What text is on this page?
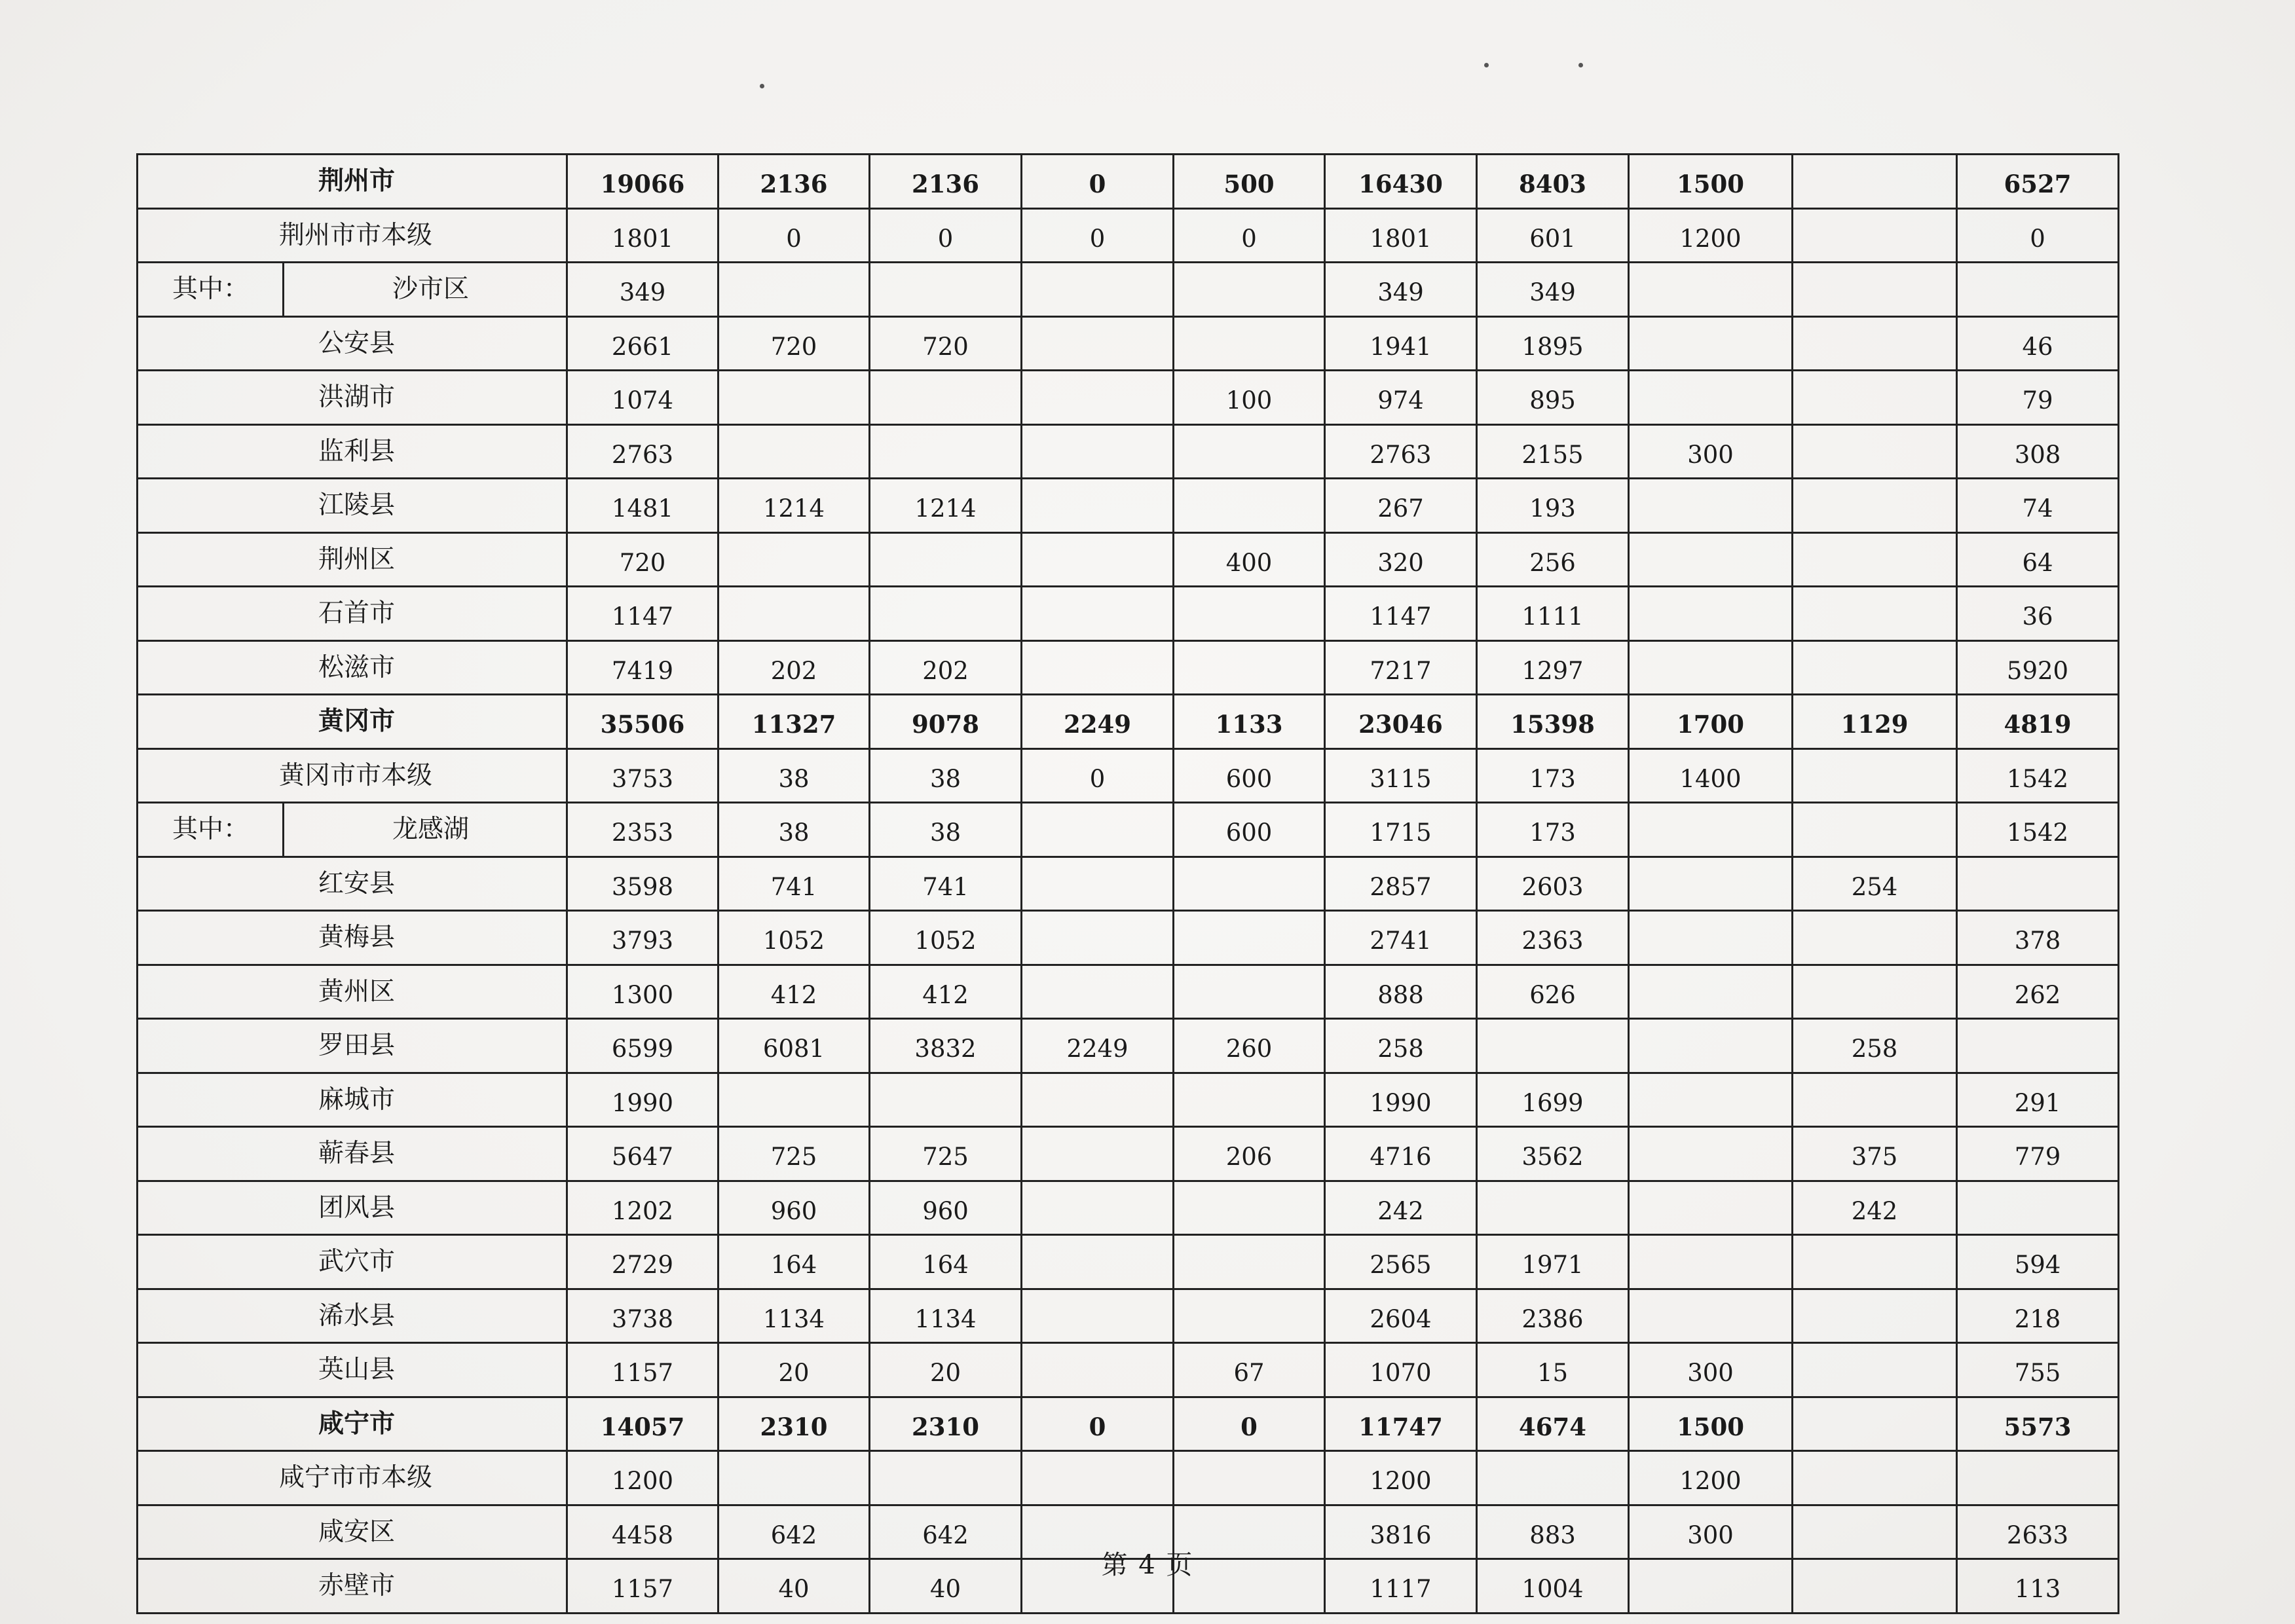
荆州市		19066	2136	2136	0	500	16430	8403	1500		6527
荆州市市本级		1801	0	0	0	0	1801	601	1200		0
其中：	沙市区	349					349	349			
公安县		2661	720	720			1941	1895			46
洪湖市		1074				100	974	895			79
监利县		2763					2763	2155	300		308
江陵县		1481	1214	1214			267	193			74
荆州区		720				400	320	256			64
石首市		1147					1147	1111			36
松滋市		7419	202	202			7217	1297			5920
黄冈市		35506	11327	9078	2249	1133	23046	15398	1700	1129	4819
黄冈市市本级		3753	38	38	0	600	3115	173	1400		1542
其中：	龙感湖	2353	38	38		600	1715	173			1542
红安县		3598	741	741			2857	2603		254	
黄梅县		3793	1052	1052			2741	2363			378
黄州区		1300	412	412			888	626			262
罗田县		6599	6081	3832	2249	260	258			258	
麻城市		1990					1990	1699			291
蕲春县		5647	725	725		206	4716	3562		375	779
团风县		1202	960	960			242			242	
武穴市		2729	164	164			2565	1971			594
浠水县		3738	1134	1134			2604	2386			218
英山县		1157	20	20		67	1070	15	300		755
咸宁市		14057	2310	2310	0	0	11747	4674	1500		5573
咸宁市市本级		1200					1200		1200		
咸安区		4458	642	642			3816	883	300		2633
赤壁市		1157	40	40			1117	1004			113
第 4 页
